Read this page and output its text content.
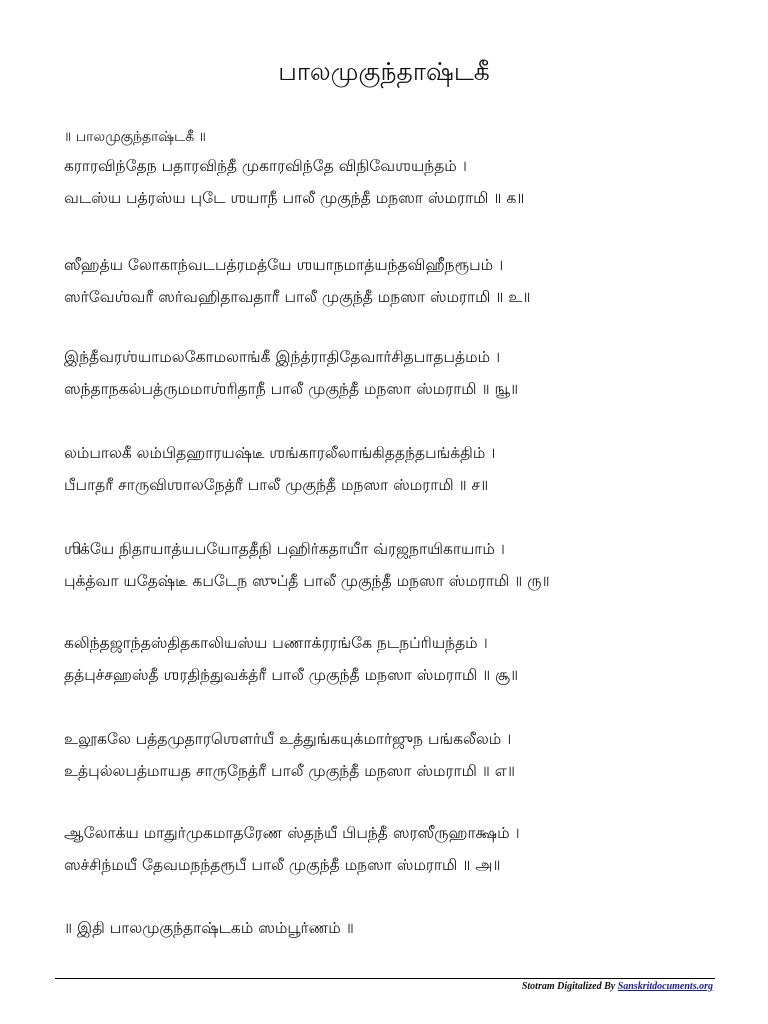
பாலமுகுந்தாஷ்டகீ
॥ பாலமுகுந்தாஷ்டகீ ॥
கராரவிந்தேந பதாரவிந்தீ முகாரவிந்தே விநிவேஶயந்தம் ।
வடஸ்ய பத்ரஸ்ய புடே ஶயாநீ பாலீ முகுந்தீ மநஸா ஸ்மராமி ॥ க॥
ஸீஹத்ய லோகாந்வடபத்ரமத்யே ஶயாநமாத்யந்தவிஹீநரூபம் ।
ஸர்வேஶ்வரீ ஸர்வஹிதாவதாரீ பாலீ முகுந்தீ மநஸா ஸ்மராமி ॥ உ॥
இந்தீவரஶ்யாமலகோமலாங்கீ இந்த்ராதிதேவார்சிதபாதபத்மம் ।
ஸந்தாநகல்பத்ருமமாஶ்ரிதாநீ பாலீ முகுந்தீ மநஸா ஸ்மராமி ॥ ஙூ॥
லம்பாலகீ லம்பிதஹாரயஷ்டீ ஶங்காரலீலாங்கிததந்தபங்க்திம் ।
பீபாதரீ சாருவிஶாலநேத்ரீ பாலீ முகுந்தீ மநஸா ஸ்மராமி ॥ ச॥
ஶிக்யே நிதாயாத்யபயோததீநி பஹிர்கதாயாீ வ்ரஜநாயிகாயாம் ।
புக்த்வா யதேஷ்டீ கபடேந ஸுப்தீ பாலீ முகுந்தீ மநஸா ஸ்மராமி ॥ ரு॥
கலிந்தஜாந்தஸ்திதகாலியஸ்ய பணாக்ரரங்கே நடநப்ரியந்தம் ।
தத்புச்சஹஸ்தீ ஶரதிந்துவக்த்ரீ பாலீ முகுந்தீ மநஸா ஸ்மராமி ॥ சூ॥
உலூகலே பத்தமுதாரஶௌர்யீ உத்துங்கயுக்மார்ஜுந பங்கலீலம் ।
உத்புல்லபத்மாயத சாருநேத்ரீ பாலீ முகுந்தீ மநஸா ஸ்மராமி ॥ எ॥
ஆலோக்ய மாதுர்முகமாதரேண ஸ்தந்யீ பிபந்தீ ஸரஸீருஹாக்ஷம் ।
ஸச்சிந்மயீ தேவமநந்தரூபீ பாலீ முகுந்தீ மநஸா ஸ்மராமி ॥ அ॥
॥ இதி பாலமுகுந்தாஷ்டகம் ஸம்பூர்ணம் ॥
Stotram Digitalized By Sanskritdocuments.org
